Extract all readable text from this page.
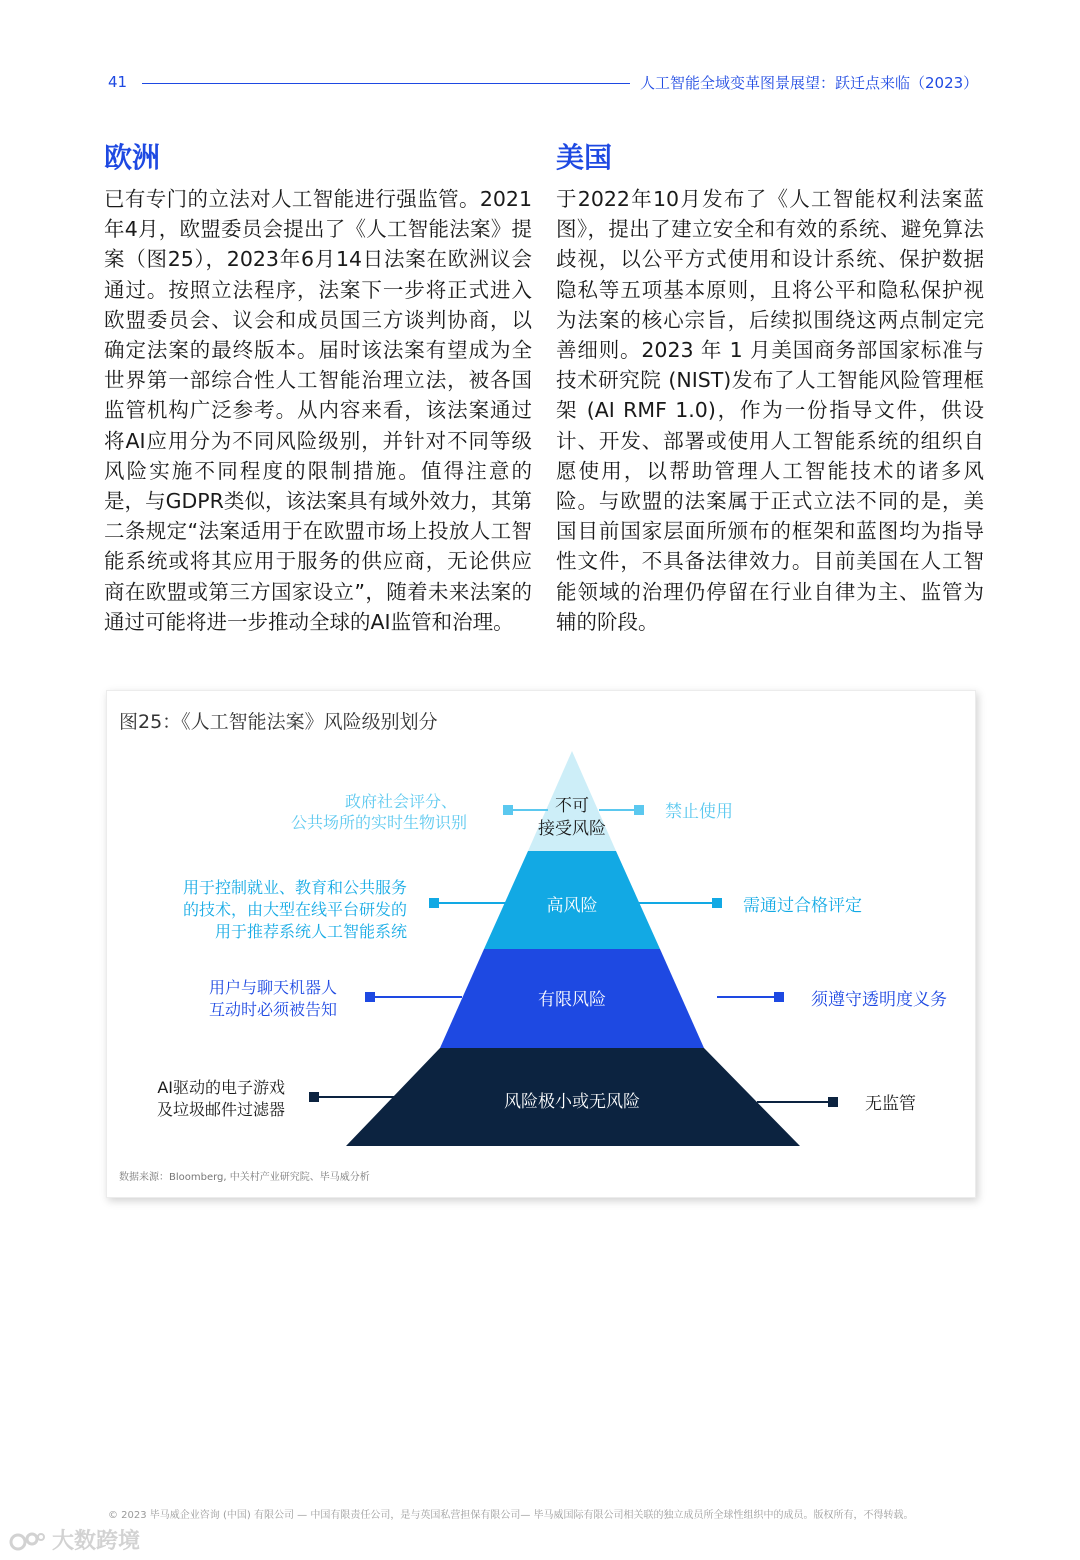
41	人工智能全域变革图景展望：跃迁点来临（2023）
欧洲

已有专门的立法对人工智能进行强监管。2021年4月，欧盟委员会提出了《人工智能法案》提案（图25），2023年6月14日法案在欧洲议会通过。按照立法程序，法案下一步将正式进入欧盟委员会、议会和成员国三方谈判协商，以确定法案的最终版本。届时该法案有望成为全世界第一部综合性人工智能治理立法，被各国监管机构广泛参考。从内容来看，该法案通过将AI应用分为不同风险级别，并针对不同等级风险实施不同程度的限制措施。值得注意的是，与GDPR类似，该法案具有域外效力，其第二条规定“法案适用于在欧盟市场上投放人工智能系统或将其应用于服务的供应商，无论供应商在欧盟或第三方国家设立”，随着未来法案的通过可能将进一步推动全球的AI监管和治理。

美国

于2022年10月发布了《人工智能权利法案蓝图》，提出了建立安全和有效的系统、避免算法歧视，以公平方式使用和设计系统、保护数据隐私等五项基本原则，且将公平和隐私保护视为法案的核心宗旨，后续拟围绕这两点制定完善细则。2023 年 1 月美国商务部国家标准与技术研究院 (NIST)发布了人工智能风险管理框架 (AI RMF 1.0)，作为一份指导文件，供设计、开发、部署或使用人工智能系统的组织自愿使用，以帮助管理人工智能技术的诸多风险。与欧盟的法案属于正式立法不同的是，美国目前国家层面所颁布的框架和蓝图均为指导性文件，不具备法律效力。目前美国在人工智能领域的治理仍停留在行业自律为主、监管为辅的阶段。

图25：《人工智能法案》风险级别划分
不可
接受风险
高风险
有限风险
风险极小或无风险
政府社会评分、
公共场所的实时生物识别
禁止使用
用于控制就业、教育和公共服务
的技术，由大型在线平台研发的
用于推荐系统人工智能系统
需通过合格评定
用户与聊天机器人
互动时必须被告知	须遵守透明度义务
AI驱动的电子游戏
及垃圾邮件过滤器	无监管
数据来源：Bloomberg, 中关村产业研究院、毕马威分析
© 2023 毕马威企业咨询 (中国) 有限公司 — 中国有限责任公司，是与英国私营担保有限公司— 毕马威国际有限公司相关联的独立成员所全球性组织中的成员。版权所有，不得转载。
大数跨境
